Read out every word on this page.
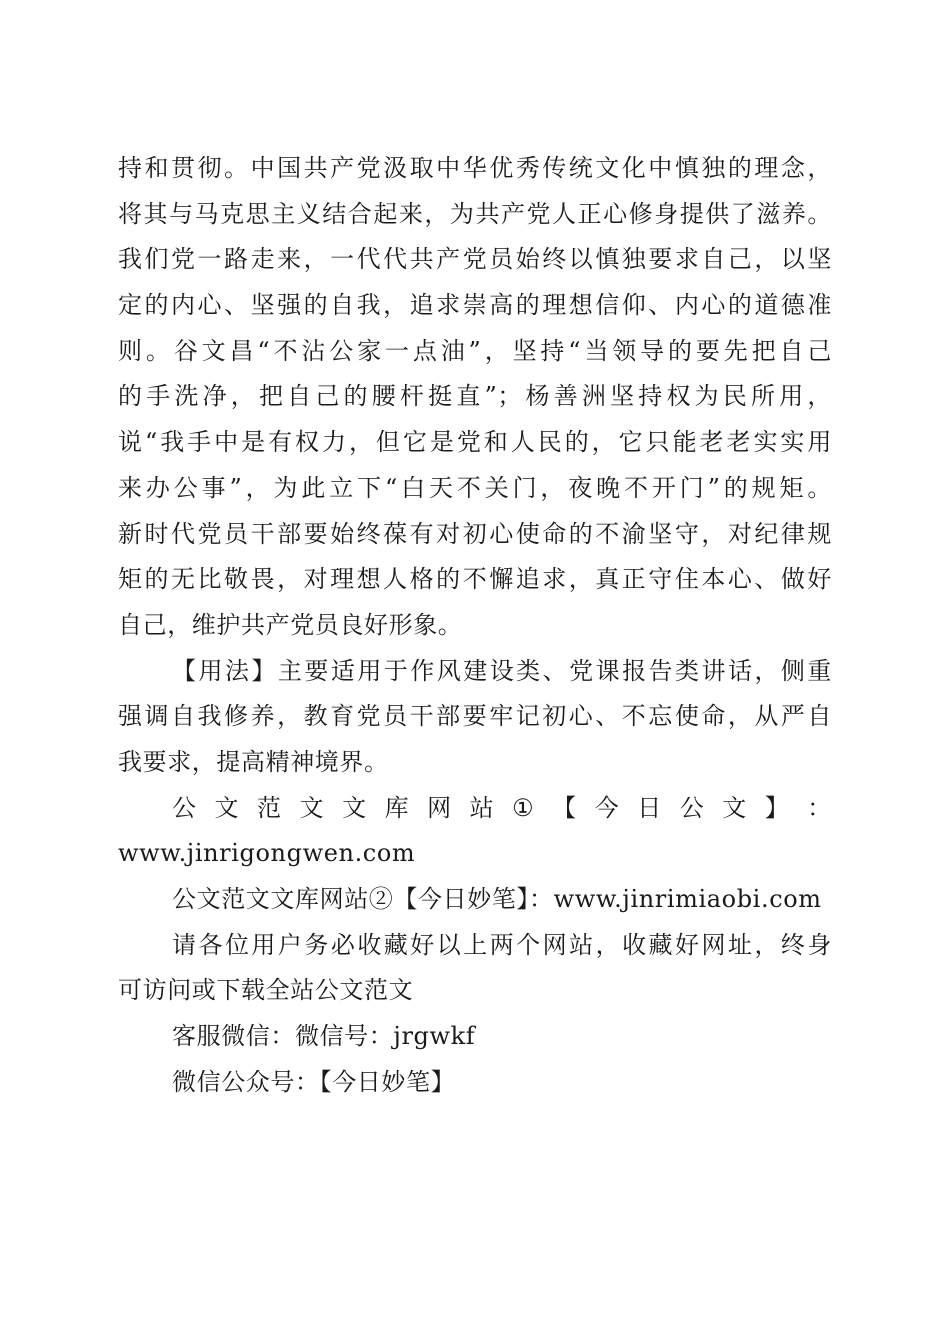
持和贯彻。中国共产党汲取中华优秀传统文化中慎独的理念，
将其与马克思主义结合起来，为共产党人正心修身提供了滋养。
我们党一路走来，一代代共产党员始终以慎独要求自己，以坚
定的内心、坚强的自我，追求崇高的理想信仰、内心的道德准
则。谷文昌“不沾公家一点油”，坚持“当领导的要先把自己
的手洗净，把自己的腰杆挺直”；杨善洲坚持权为民所用，
说“我手中是有权力，但它是党和人民的，它只能老老实实用
来办公事”，为此立下“白天不关门，夜晚不开门”的规矩。
新时代党员干部要始终葆有对初心使命的不渝坚守，对纪律规
矩的无比敬畏，对理想人格的不懈追求，真正守住本心、做好
自己，维护共产党员良好形象。
【用法】主要适用于作风建设类、党课报告类讲话，侧重
强调自我修养，教育党员干部要牢记初心、不忘使命，从严自
我要求，提高精神境界。
公 文 范 文 文 库 网 站 ① 【 今 日 公 文 】 ：
www.jinrigongwen.com
公文范文文库网站②【今日妙笔】：www.jinrimiaobi.com
请各位用户务必收藏好以上两个网站，收藏好网址，终身
可访问或下载全站公文范文
客服微信：微信号：jrgwkf
微信公众号：【今日妙笔】
